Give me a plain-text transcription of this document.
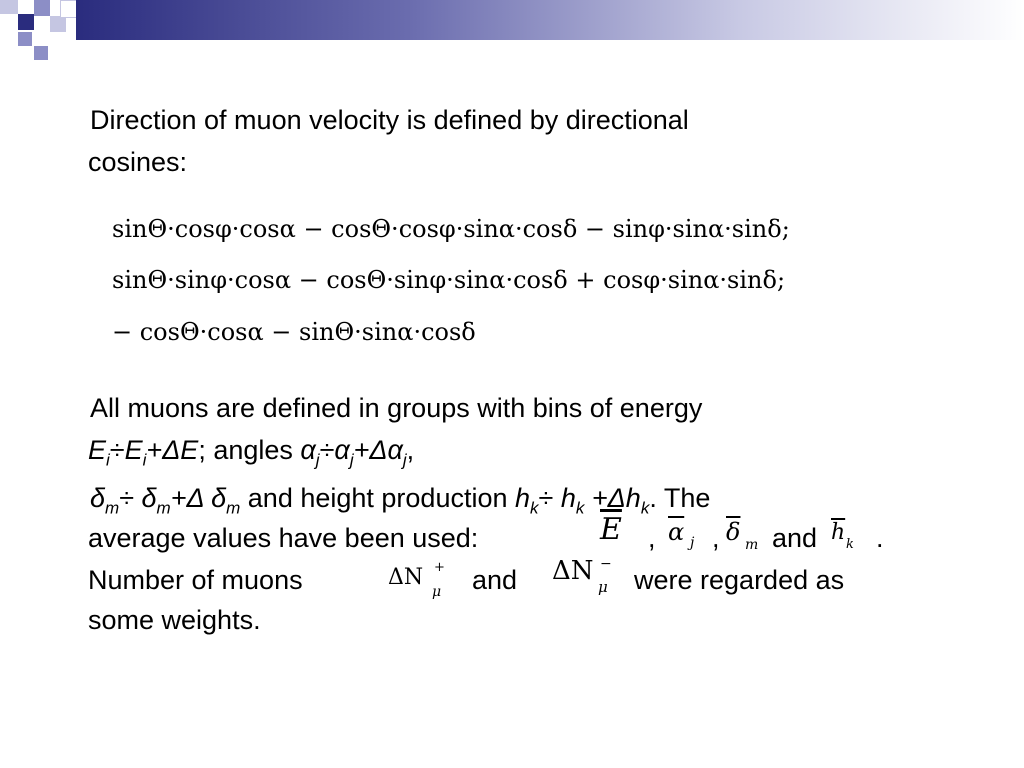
Direction of muon velocity is defined by directional
cosines:
sinΘ·cosφ·cosα − cosΘ·cosφ·sinα·cosδ − sinφ·sinα·sinδ;
sinΘ·sinφ·cosα − cosΘ·sinφ·sinα·cosδ + cosφ·sinα·sinδ;
− cosΘ·cosα − sinΘ·sinα·cosδ
All muons are defined in groups with bins of energy
$E_i\div E_i+\Delta E$; angles $\alpha_j\div\alpha_j+\Delta\alpha_j$,
$\delta_m\div \delta_m+\Delta$ $\delta_m$ and height production $h_k\div h_k +\Delta h_k$. The
average values have been used:	$\overline{E}$ , $\overline{\alpha}$ j , $\overline{\delta}$ m and $\overline{h}$ k .
Number of muons	ΔN +
μ and ΔN −
μ were regarded as
some weights.
